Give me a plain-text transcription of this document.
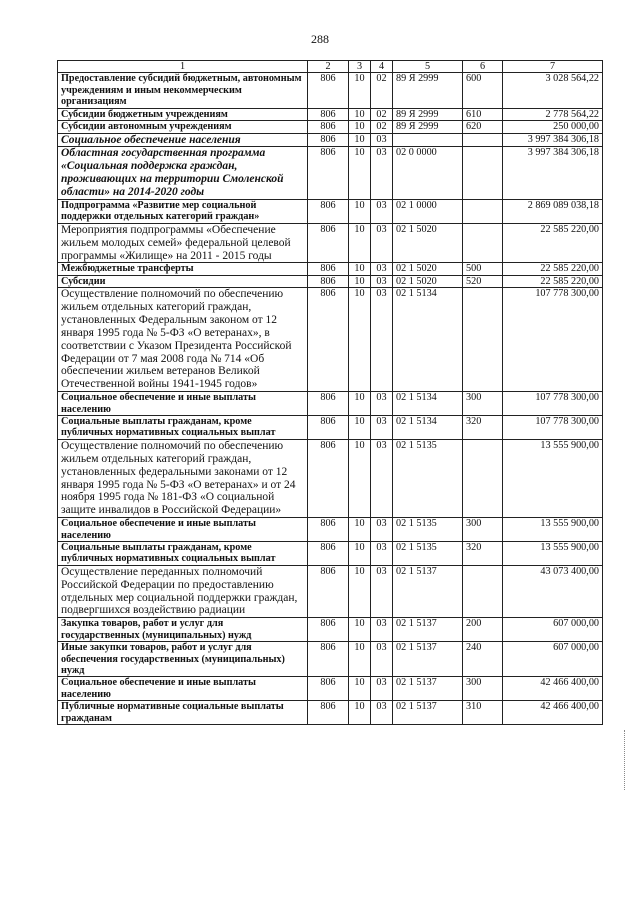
288
1	2	3	4	5	6	7
Предоставление субсидий бюджетным, автономным учреждениям и иным некоммерческим организациям	806	10	02	89 Я 2999	600	3 028 564,22
Субсидии бюджетным учреждениям	806	10	02	89 Я 2999	610	2 778 564,22
Субсидии автономным учреждениям	806	10	02	89 Я 2999	620	250 000,00
Социальное обеспечение населения	806	10	03			3 997 384 306,18
Областная государственная программа «Социальная поддержка граждан, проживающих на территории Смоленской области» на 2014-2020 годы	806	10	03	02 0 0000		3 997 384 306,18
Подпрограмма «Развитие мер социальной поддержки отдельных категорий граждан»	806	10	03	02 1 0000		2 869 089 038,18
Мероприятия подпрограммы «Обеспечение жильем молодых семей» федеральной целевой программы «Жилище» на 2011 - 2015 годы	806	10	03	02 1 5020		22 585 220,00
Межбюджетные трансферты	806	10	03	02 1 5020	500	22 585 220,00
Субсидии	806	10	03	02 1 5020	520	22 585 220,00
Осуществление полномочий по обеспечению жильем отдельных категорий граждан, установленных Федеральным законом от 12 января 1995 года № 5-ФЗ «О ветеранах», в соответствии с Указом Президента Российской Федерации от 7 мая 2008 года № 714 «Об обеспечении жильем ветеранов Великой Отечественной войны 1941-1945 годов»	806	10	03	02 1 5134		107 778 300,00
Социальное обеспечение и иные выплаты населению	806	10	03	02 1 5134	300	107 778 300,00
Социальные выплаты гражданам, кроме публичных нормативных социальных выплат	806	10	03	02 1 5134	320	107 778 300,00
Осуществление полномочий по обеспечению жильем отдельных категорий граждан, установленных федеральными законами от 12 января 1995 года № 5-ФЗ «О ветеранах» и от 24 ноября 1995 года № 181-ФЗ «О социальной защите инвалидов в Российской Федерации»	806	10	03	02 1 5135		13 555 900,00
Социальное обеспечение и иные выплаты населению	806	10	03	02 1 5135	300	13 555 900,00
Социальные выплаты гражданам, кроме публичных нормативных социальных выплат	806	10	03	02 1 5135	320	13 555 900,00
Осуществление переданных полномочий Российской Федерации по предоставлению отдельных мер социальной поддержки граждан, подвергшихся воздействию радиации	806	10	03	02 1 5137		43 073 400,00
Закупка товаров, работ и услуг для государственных (муниципальных) нужд	806	10	03	02 1 5137	200	607 000,00
Иные закупки товаров, работ и услуг для обеспечения государственных (муниципальных) нужд	806	10	03	02 1 5137	240	607 000,00
Социальное обеспечение и иные выплаты населению	806	10	03	02 1 5137	300	42 466 400,00
Публичные нормативные социальные выплаты гражданам	806	10	03	02 1 5137	310	42 466 400,00
